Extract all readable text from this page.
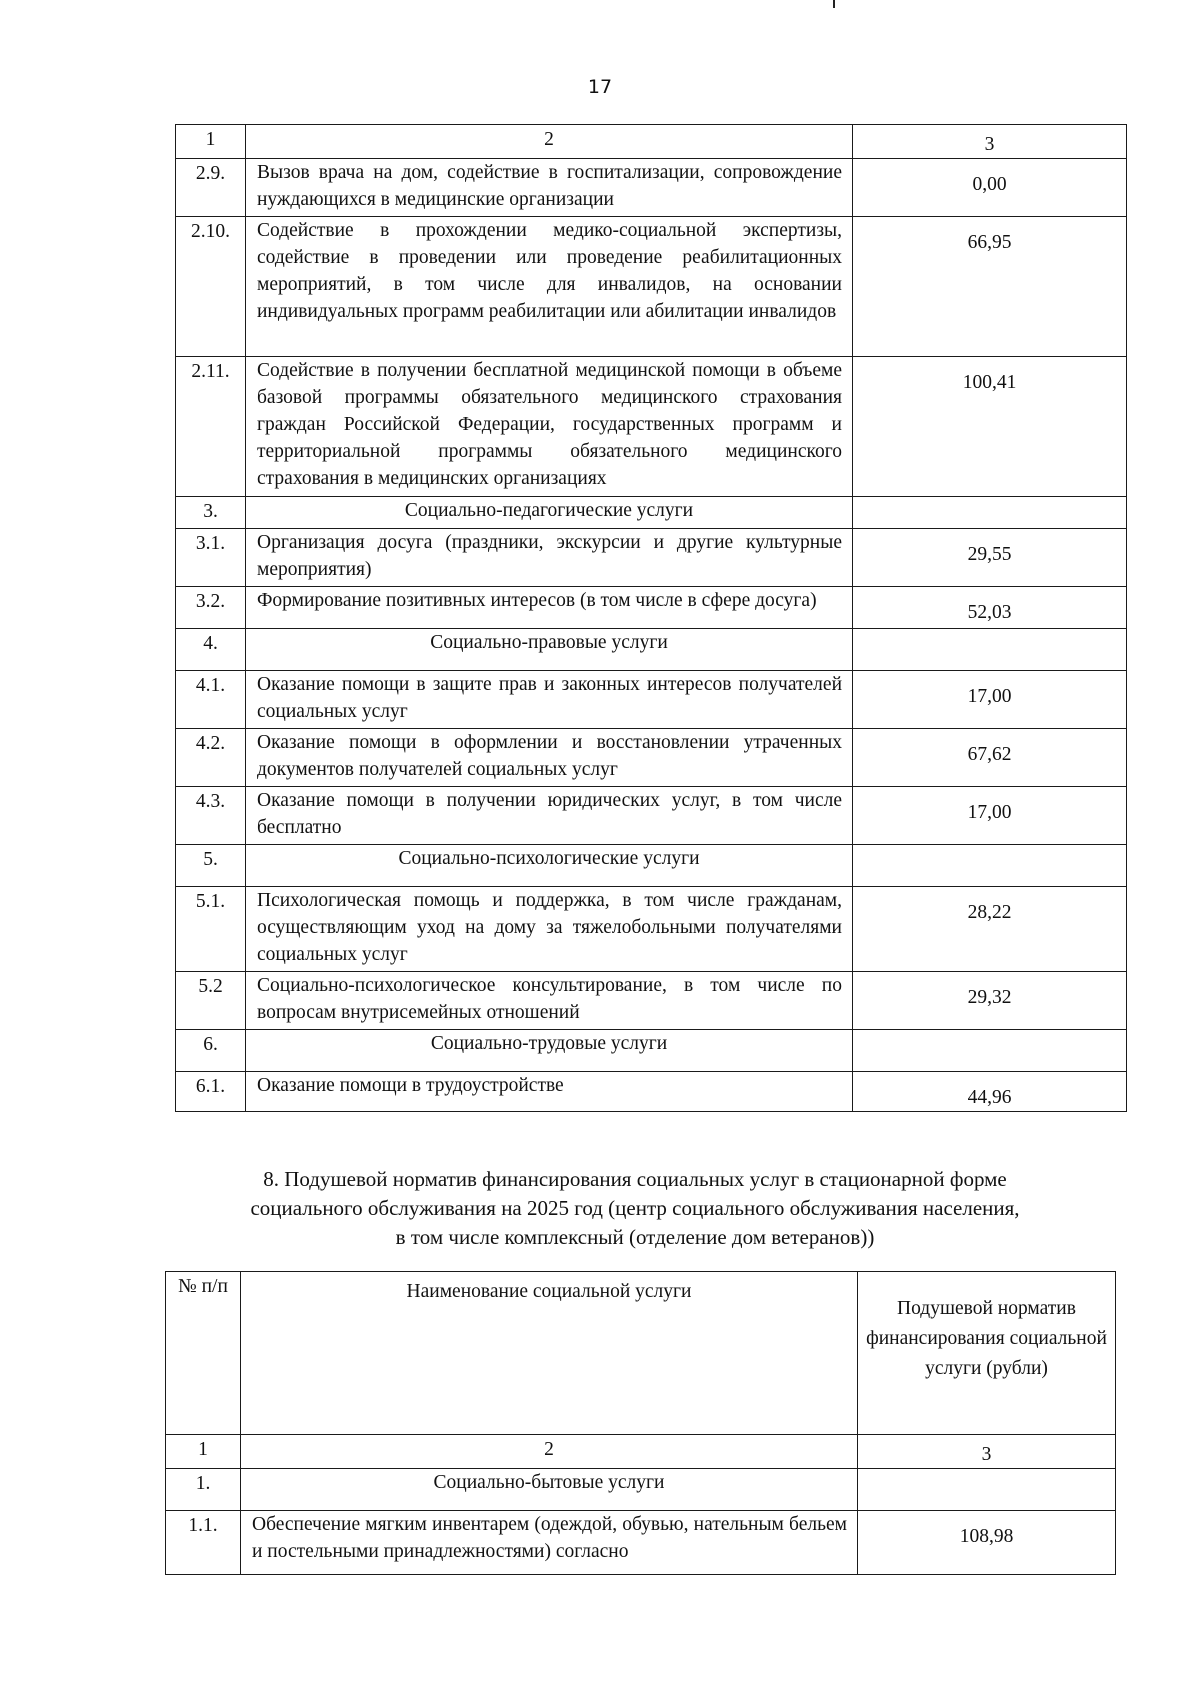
17
1	2	3
2.9.	Вызов врача на дом, содействие в госпитализации, сопровождение нуждающихся в медицинские организации	0,00
2.10.	Содействие в прохождении медико-социальной экспертизы, содействие в проведении или проведение реабилитационных мероприятий, в том числе для инвалидов, на основании индивидуальных программ реабилитации или абилитации инвалидов	66,95
2.11.	Содействие в получении бесплатной медицинской помощи в объеме базовой программы обязательного медицинского страхования граждан Российской Федерации, государственных программ и территориальной программы обязательного медицинского страхования в медицинских организациях	100,41
3.	Социально-педагогические услуги	
3.1.	Организация досуга (праздники, экскурсии и другие культурные мероприятия)	29,55
3.2.	Формирование позитивных интересов (в том числе в сфере досуга)	52,03
4.	Социально-правовые услуги	
4.1.	Оказание помощи в защите прав и законных интересов получателей социальных услуг	17,00
4.2.	Оказание помощи в оформлении и восстановлении утраченных документов получателей социальных услуг	67,62
4.3.	Оказание помощи в получении юридических услуг, в том числе бесплатно	17,00
5.	Социально-психологические услуги	
5.1.	Психологическая помощь и поддержка, в том числе гражданам, осуществляющим уход на дому за тяжелобольными получателями социальных услуг	28,22
5.2	Социально-психологическое консультирование, в том числе по вопросам внутрисемейных отношений	29,32
6.	Социально-трудовые услуги	
6.1.	Оказание помощи в трудоустройстве	44,96
8. Подушевой норматив финансирования социальных услуг в стационарной форме
социального обслуживания на 2025 год (центр социального обслуживания населения,
в том числе комплексный (отделение дом ветеранов))
№ п/п	Наименование социальной услуги	Подушевой норматив финансирования социальной услуги (рубли)
1	2	3
1.	Социально-бытовые услуги	
1.1.	Обеспечение мягким инвентарем (одеждой, обувью, нательным бельем и постельными принадлежностями) согласно	108,98
